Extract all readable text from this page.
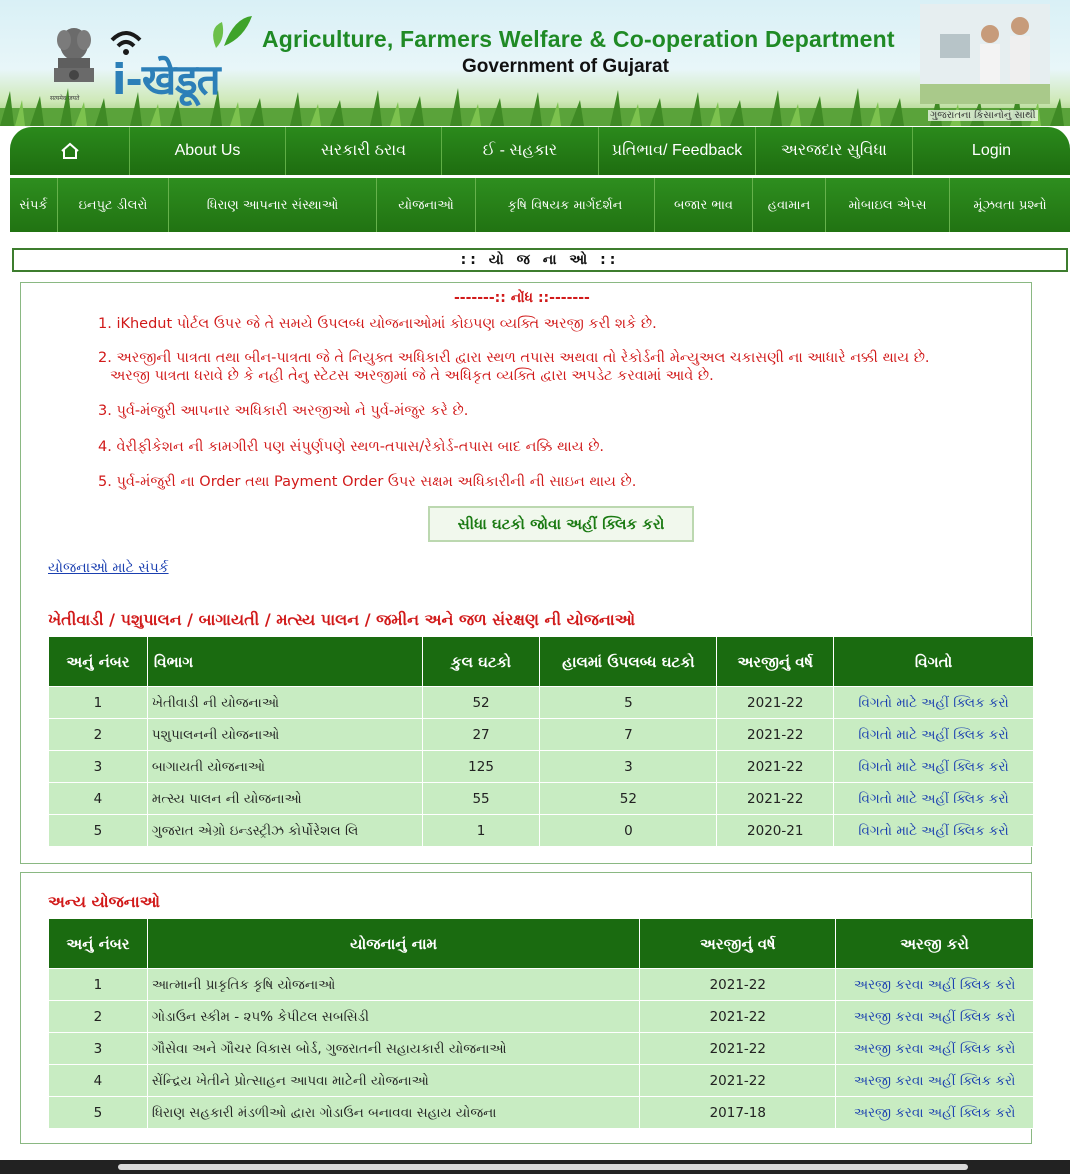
सत्यमेव जयते i-खेडूत
Agriculture, Farmers Welfare & Co-operation Department
Government of Gujarat
ગુજરાતના કિસાનોનું સાથી
About Us	સરકારી ઠરાવ	ઈ - સહકાર	પ્રતિભાવ/ Feedback	અરજદાર સુવિધા	Login
સંપર્ક	ઇનપુટ ડીલરો	ધિરાણ આપનાર સંસ્થાઓ	યોજનાઓ	કૃષિ વિષયક માર્ગદર્શન	બજાર ભાવ	હવામાન	મોબાઇલ એપ્સ	મૂંઝવતા પ્રશ્નો
:: યો જ ના ઓ ::
-------:: નોંધ ::-------
1. iKhedut પોર્ટલ ઉપર જે તે સમયે ઉપલબ્ધ યોજનાઓમાં કોઇપણ વ્યક્તિ અરજી કરી શકે છે.
2. અરજીની પાત્રતા તથા બીન-પાત્રતા જે તે નિયુક્ત અધિકારી દ્વારા સ્થળ તપાસ અથવા તો રેકોર્ડની મેન્યુઅલ ચકાસણી ના આધારે નક્કી થાય છે.
અરજી પાત્રતા ધરાવે છે કે નહી તેનુ સ્ટેટસ અરજીમાં જે તે અધિકૃત વ્યક્તિ દ્વારા અપડેટ કરવામાં આવે છે.
3. પુર્વ-મંજુરી આપનાર અધિકારી અરજીઓ ને પુર્વ-મંજુર કરે છે.
4. વેરીફીકેશન ની કામગીરી પણ સંપુર્ણપણે સ્થળ-તપાસ/રેકોર્ડ-તપાસ બાદ નક્કિ થાય છે.
5. પુર્વ-મંજુરી ના Order તથા Payment Order ઉપર સક્ષમ અધિકારીની ની સાઇન થાય છે.
સીધા ઘટકો જોવા અહીં ક્લિક કરો
યોજનાઓ માટે સંપર્ક
ખેતીવાડી / પશુપાલન / બાગાયતી / મત્સ્ય પાલન / જમીન અને જળ સંરક્ષણ ની યોજનાઓ
અનું નંબર	વિભાગ	કુલ ઘટકો	હાલમાં ઉપલબ્ધ ઘટકો	અરજીનું વર્ષ	વિગતો
1	ખેતીવાડી ની યોજનાઓ	52	5	2021-22	વિગતો માટે અહીં ક્લિક કરો
2	પશુપાલનની યોજનાઓ	27	7	2021-22	વિગતો માટે અહીં ક્લિક કરો
3	બાગાયતી યોજનાઓ	125	3	2021-22	વિગતો માટે અહીં ક્લિક કરો
4	મત્સ્ય પાલન ની યોજનાઓ	55	52	2021-22	વિગતો માટે અહીં ક્લિક કરો
5	ગુજરાત એગ્રો ઇન્ડસ્ટ્રીઝ કોર્પોરેશલ લિ	1	0	2020-21	વિગતો માટે અહીં ક્લિક કરો
અન્ય યોજનાઓ
અનું નંબર	યોજનાનું નામ	અરજીનું વર્ષ	અરજી કરો
1	આત્માની પ્રાકૃતિક કૃષિ યોજનાઓ	2021-22	અરજી કરવા અહીં ક્લિક કરો
2	ગોડાઉન સ્કીમ - ૨૫% કેપીટલ સબસિડી	2021-22	અરજી કરવા અહીં ક્લિક કરો
3	ગૌસેવા અને ગૌચર વિકાસ બોર્ડ, ગુજરાતની સહાયકારી યોજનાઓ	2021-22	અરજી કરવા અહીં ક્લિક કરો
4	સેંન્દ્રિય ખેતીને પ્રોત્સાહન આપવા માટેની યોજનાઓ	2021-22	અરજી કરવા અહીં ક્લિક કરો
5	ધિરાણ સહકારી મંડળીઓ દ્વારા ગોડાઉન બનાવવા સહાય યોજના	2017-18	અરજી કરવા અહીં ક્લિક કરો
